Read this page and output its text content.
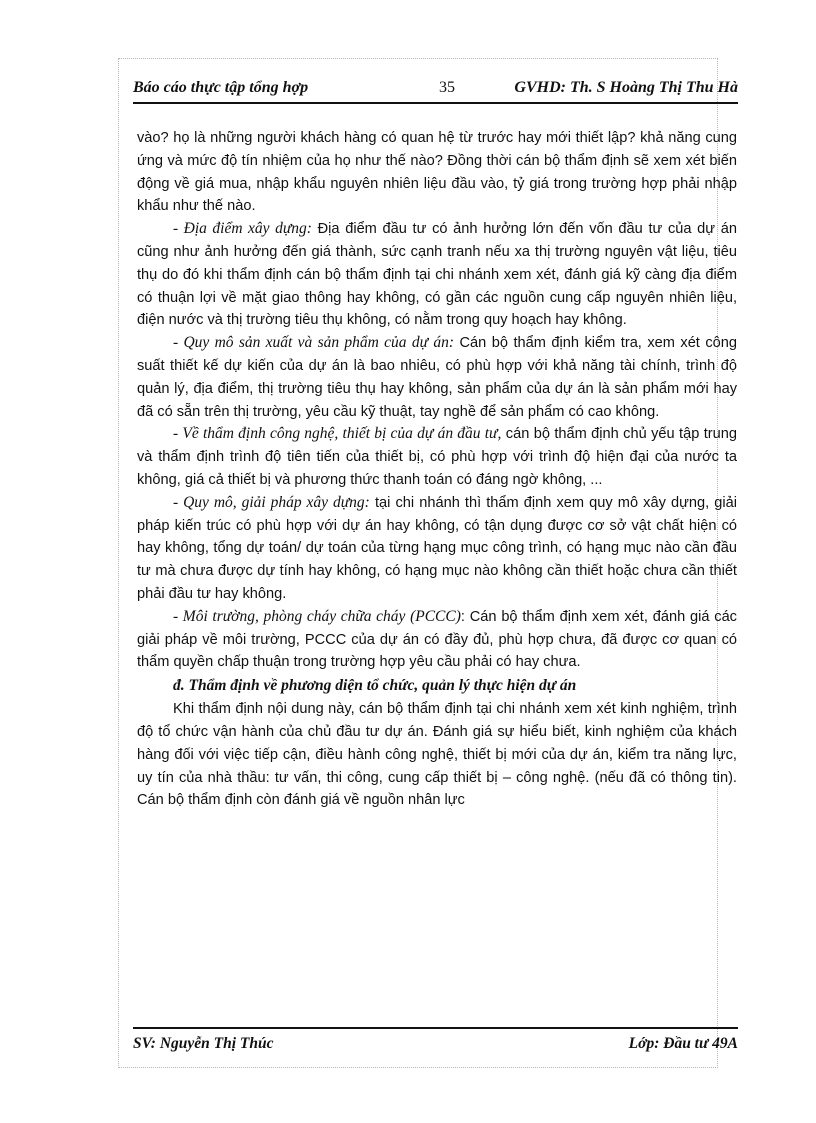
Báo cáo thực tập tổng hợp	35	GVHD: Th. S Hoàng Thị Thu Hà

vào? họ là những người khách hàng có quan hệ từ trước hay mới thiết lập? khả năng cung ứng và mức độ tín nhiệm của họ như thế nào? Đồng thời cán bộ thẩm định sẽ xem xét biến động về giá mua, nhập khẩu nguyên nhiên liệu đầu vào, tỷ giá trong trường hợp phải nhập khẩu như thế nào.

- Địa điểm xây dựng: Địa điểm đầu tư có ảnh hưởng lớn đến vốn đầu tư của dự án cũng như ảnh hưởng đến giá thành, sức cạnh tranh nếu xa thị trường nguyên vật liệu, tiêu thụ do đó khi thẩm định cán bộ thẩm định tại chi nhánh xem xét, đánh giá kỹ càng địa điểm có thuận lợi về mặt giao thông hay không, có gần các nguồn cung cấp nguyên nhiên liệu, điện nước và thị trường tiêu thụ không, có nằm trong quy hoạch hay không.

- Quy mô sản xuất và sản phẩm của dự án: Cán bộ thẩm định kiểm tra, xem xét công suất thiết kế dự kiến của dự án là bao nhiêu, có phù hợp với khả năng tài chính, trình độ quản lý, địa điểm, thị trường tiêu thụ hay không, sản phẩm của dự án là sản phẩm mới hay đã có sẵn trên thị trường, yêu cầu kỹ thuật, tay nghề để sản phẩm có cao không.

- Về thẩm định công nghệ, thiết bị của dự án đầu tư, cán bộ thẩm định chủ yếu tập trung và thẩm định trình độ tiên tiến của thiết bị, có phù hợp với trình độ hiện đại của nước ta không, giá cả thiết bị và phương thức thanh toán có đáng ngờ không, ...

- Quy mô, giải pháp xây dựng: tại chi nhánh thì thẩm định xem quy mô xây dựng, giải pháp kiến trúc có phù hợp với dự án hay không, có tận dụng được cơ sở vật chất hiện có hay không, tổng dự toán/ dự toán của từng hạng mục công trình, có hạng mục nào cần đầu tư mà chưa được dự tính hay không, có hạng mục nào không cần thiết hoặc chưa cần thiết phải đầu tư hay không.

- Môi trường, phòng cháy chữa cháy (PCCC): Cán bộ thẩm định xem xét, đánh giá các giải pháp về môi trường, PCCC của dự án có đầy đủ, phù hợp chưa, đã được cơ quan có thẩm quyền chấp thuận trong trường hợp yêu cầu phải có hay chưa.

đ. Thẩm định về phương diện tổ chức, quản lý thực hiện dự án

Khi thẩm định nội dung này, cán bộ thẩm định tại chi nhánh xem xét kinh nghiệm, trình độ tổ chức vận hành của chủ đầu tư dự án. Đánh giá sự hiểu biết, kinh nghiệm của khách hàng đối với việc tiếp cận, điều hành công nghệ, thiết bị mới của dự án, kiểm tra năng lực, uy tín của nhà thầu: tư vấn, thi công, cung cấp thiết bị – công nghệ. (nếu đã có thông tin). Cán bộ thẩm định còn đánh giá về nguồn nhân lực

SV: Nguyễn Thị Thúc	Lớp: Đầu tư 49A
